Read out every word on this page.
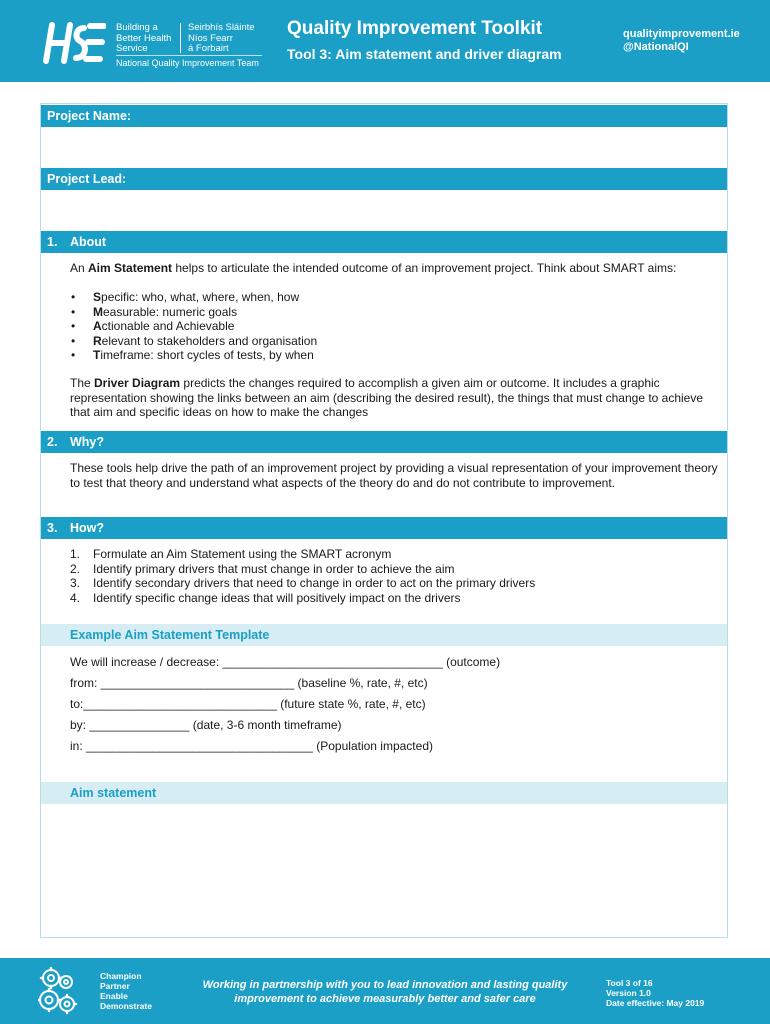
Building a
Better Health
Service
Seirbhís Sláinte
Níos Fearr
á Forbairt
National Quality Improvement Team
Quality Improvement Toolkit
Tool 3: Aim statement and driver diagram
qualityimprovement.ie
@NationalQI
Project Name:
Project Lead:
1. About
An Aim Statement helps to articulate the intended outcome of an improvement project. Think about SMART aims:
• Specific: who, what, where, when, how
• Measurable: numeric goals
• Actionable and Achievable
• Relevant to stakeholders and organisation
• Timeframe: short cycles of tests, by when
The Driver Diagram predicts the changes required to accomplish a given aim or outcome. It includes a graphic representation showing the links between an aim (describing the desired result), the things that must change to achieve that aim and specific ideas on how to make the changes
2. Why?
These tools help drive the path of an improvement project by providing a visual representation of your improvement theory to test that theory and understand what aspects of the theory do and do not contribute to improvement.
3. How?
1. Formulate an Aim Statement using the SMART acronym
2. Identify primary drivers that must change in order to achieve the aim
3. Identify secondary drivers that need to change in order to act on the primary drivers
4. Identify specific change ideas that will positively impact on the drivers
Example Aim Statement Template
We will increase / decrease: _________________________________ (outcome)
from: _____________________________ (baseline %, rate, #, etc)
to:_____________________________ (future state %, rate, #, etc)
by: _______________ (date, 3-6 month timeframe)
in: __________________________________ (Population impacted)
Aim statement
Champion
Partner
Enable
Demonstrate
Working in partnership with you to lead innovation and lasting quality
improvement to achieve measurably better and safer care
Tool 3 of 16
Version 1.0
Date effective: May 2019
